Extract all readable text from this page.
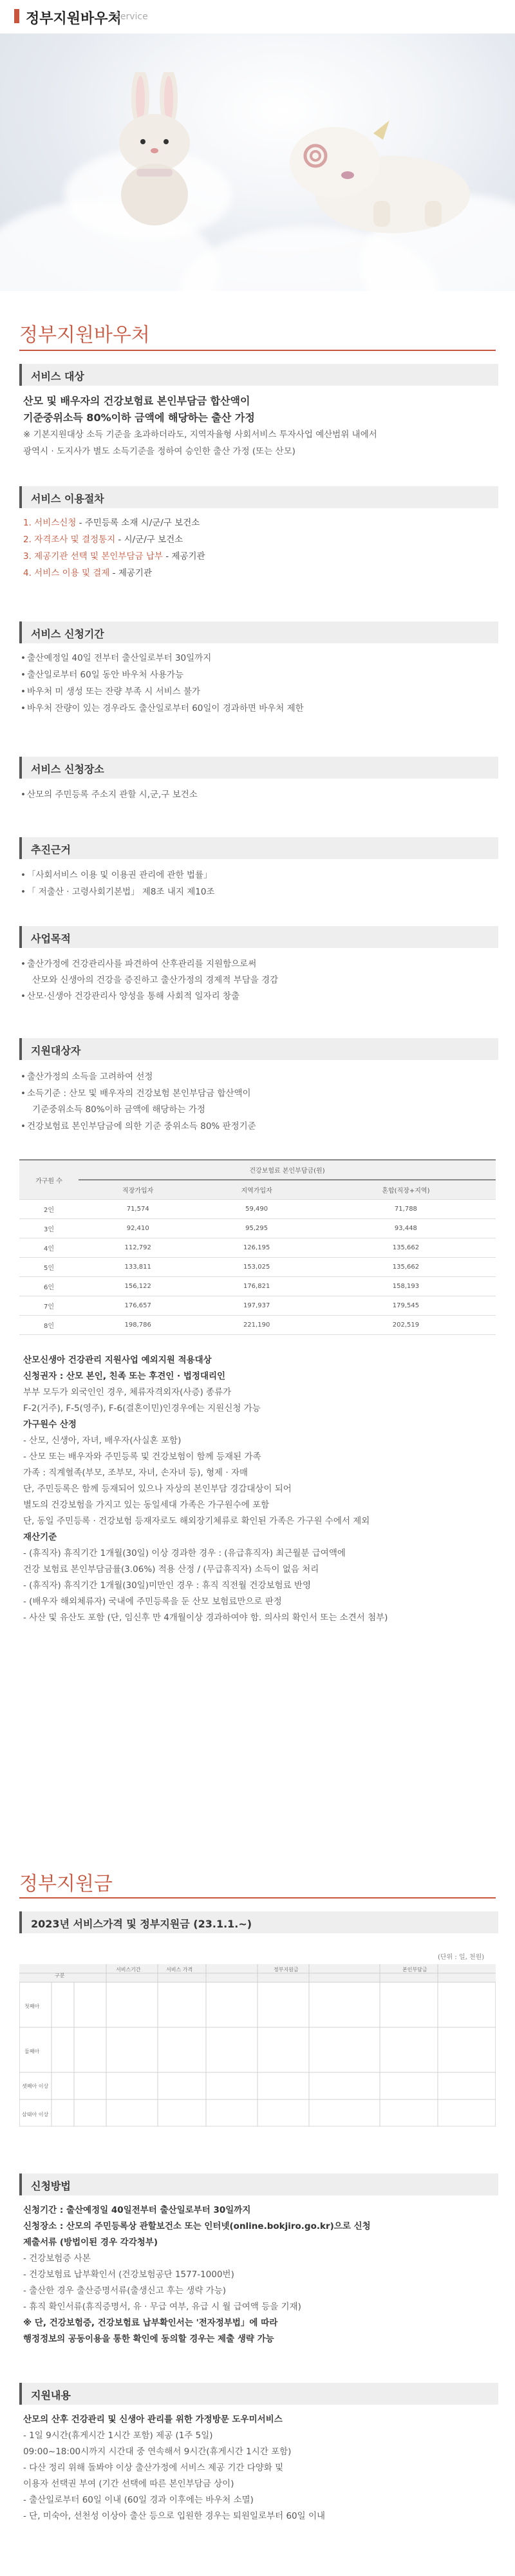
정부지원바우처
Service
정부지원바우처
서비스 대상
산모 및 배우자의 건강보험료 본인부담금 합산액이
기준중위소득 80%이하 금액에 해당하는 출산 가정
※ 기본지원대상 소득 기준을 초과하더라도, 지역자율형 사회서비스 투자사업 예산범위 내에서
광역시 · 도지사가 별도 소득기준을 정하여 승인한 출산 가정 (또는 산모)
서비스 이용절차
1. 서비스신청 - 주민등록 소재 시/군/구 보건소
2. 자격조사 및 결정통지 - 시/군/구 보건소
3. 제공기관 선택 및 본인부담금 납부 - 제공기관
4. 서비스 이용 및 결제 - 제공기관
서비스 신청기간
• 출산예정일 40일 전부터 출산일로부터 30일까지
• 출산일로부터 60일 동안 바우처 사용가능
• 바우처 미 생성 또는 잔량 부족 시 서비스 불가
• 바우처 잔량이 있는 경우라도 출산일로부터 60일이 경과하면 바우처 제한
서비스 신청장소
• 산모의 주민등록 주소지 관할 시,군,구 보건소
추진근거
• 「사회서비스 이용 및 이용권 관리에 관한 법률」
• 「 저출산 · 고령사회기본법」 제8조 내지 제10조
사업목적
• 출산가정에 건강관리사를 파견하여 산후관리를 지원함으로써
산모와 신생아의 건강을 증진하고 출산가정의 경제적 부담을 경감
• 산모·신생아 건강관리사 양성을 통해 사회적 일자리 창출
지원대상자
• 출산가정의 소득을 고려하여 선정
• 소득기준 : 산모 및 배우자의 건강보험 본인부담금 합산액이
기준중위소득 80%이하 금액에 해당하는 가정
• 건강보험료 본인부담금에 의한 기준 중위소득 80% 판정기준
가구원 수	건강보험료 본인부담금(원)		
	직장가입자	지역가입자	혼합(직장+지역)
2인	71,574	59,490	71,788
3인	92,410	95,295	93,448
4인	112,792	126,195	135,662
5인	133,811	153,025	135,662
6인	156,122	176,821	158,193
7인	176,657	197,937	179,545
8인	198,786	221,190	202,519
산모신생아 건강관리 지원사업 예외지원 적용대상
신청권자 : 산모 본인, 친족 또는 후견인 · 법정대리인
부부 모두가 외국인인 경우, 체류자격외자(사증) 종류가
F-2(거주), F-5(영주), F-6(결혼이민)인경우에는 지원신청 가능
가구원수 산정
- 산모, 신생아, 자녀, 배우자(사실혼 포함)
- 산모 또는 배우자와 주민등록 및 건강보험이 함께 등재된 가족
가족 : 직계혈족(부모, 조부모, 자녀, 손자녀 등), 형제 · 자매
단, 주민등록은 함께 등재되어 있으나 자상의 본인부담 경감대상이 되어
별도의 건강보험을 가지고 있는 동일세대 가족은 가구원수에 포함
단, 동일 주민등록 · 건강보험 등재자로도 해외장기체류로 확인된 가족은 가구원 수에서 제외
재산기준
- (휴직자) 휴직기간 1개월(30일) 이상 경과한 경우 : (유급휴직자) 최근월분 급여액에
건강 보험료 본인부담금률(3.06%) 적용 산정 / (무급휴직자) 소득이 없음 처리
- (휴직자) 휴직기간 1개월(30일)미만인 경우 : 휴직 직전월 건강보험료 반영
- (배우자 해외체류자) 국내에 주민등록을 둔 산모 보험료만으로 판정
- 사산 및 유산도 포함 (단, 임신후 만 4개월이상 경과하여야 함. 의사의 확인서 또는 소견서 첨부)
정부지원금
2023년 서비스가격 및 정부지원금 (23.1.1.~)
(단위 : 일, 천원)
구분
서비스기간	서비스 가격	정부지원금	본인부담금
첫째아
둘째아
셋째아 이상
삼태아 이상
신청방법
신청기간 : 출산예정일 40일전부터 출산일로부터 30일까지
신청장소 : 산모의 주민등록상 관할보건소 또는 인터넷(online.bokjiro.go.kr)으로 신청
제출서류 (방법이된 경우 각각청부)
- 건강보험증 사본
- 건강보험료 납부확인서 (건강보험공단 1577-1000번)
- 출산한 경우 출산증명서류(출생신고 후는 생략 가능)
- 휴직 확인서류(휴직증명서, 유 · 무급 여부, 유급 시 월 급여액 등을 기재)
※ 단, 건강보험증, 건강보험료 납부확인서는 '전자정부법」에 따라
행정정보의 공동이용을 통한 확인에 동의할 경우는 제출 생략 가능
지원내용
산모의 산후 건강관리 및 신생아 관리를 위한 가정방문 도우미서비스
- 1일 9시간(휴게시간 1시간 포함) 제공 (1주 5일)
09:00~18:00시까지 시간대 중 연속해서 9시간(휴게시간 1시간 포함)
- 다산 정리 위해 돌봐야 이상 출산가정에 서비스 제공 기간 다양화 및
이용자 선택권 부여 (기간 선택에 따른 본인부담금 상이)
- 출산일로부터 60일 이내 (60일 경과 이후에는 바우처 소멸)
- 단, 미숙아, 선천성 이상아 출산 등으로 입원한 경우는 퇴원일로부터 60일 이내
